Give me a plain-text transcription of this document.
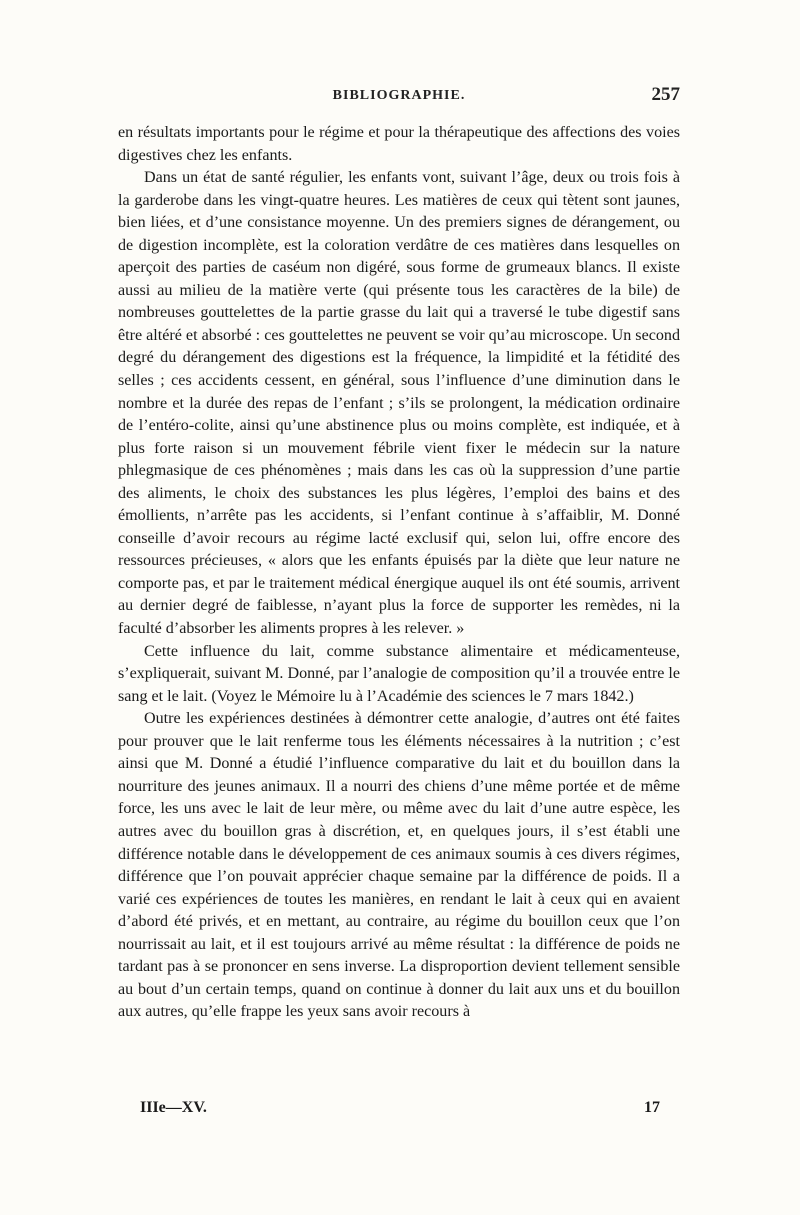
BIBLIOGRAPHIE.	257

en résultats importants pour le régime et pour la thérapeutique des affections des voies digestives chez les enfants.

Dans un état de santé régulier, les enfants vont, suivant l’âge, deux ou trois fois à la garderobe dans les vingt-quatre heures. Les matières de ceux qui tètent sont jaunes, bien liées, et d’une consistance moyenne. Un des premiers signes de dérangement, ou de digestion incomplète, est la coloration verdâtre de ces matières dans lesquelles on aperçoit des parties de caséum non digéré, sous forme de grumeaux blancs. Il existe aussi au milieu de la matière verte (qui présente tous les caractères de la bile) de nombreuses gouttelettes de la partie grasse du lait qui a traversé le tube digestif sans être altéré et absorbé : ces gouttelettes ne peuvent se voir qu’au microscope. Un second degré du dérangement des digestions est la fréquence, la limpidité et la fétidité des selles ; ces accidents cessent, en général, sous l’influence d’une diminution dans le nombre et la durée des repas de l’enfant ; s’ils se prolongent, la médication ordinaire de l’entéro-colite, ainsi qu’une abstinence plus ou moins complète, est indiquée, et à plus forte raison si un mouvement fébrile vient fixer le médecin sur la nature phlegmasique de ces phénomènes ; mais dans les cas où la suppression d’une partie des aliments, le choix des substances les plus légères, l’emploi des bains et des émollients, n’arrête pas les accidents, si l’enfant continue à s’affaiblir, M. Donné conseille d’avoir recours au régime lacté exclusif qui, selon lui, offre encore des ressources précieuses, « alors que les enfants épuisés par la diète que leur nature ne comporte pas, et par le traitement médical énergique auquel ils ont été soumis, arrivent au dernier degré de faiblesse, n’ayant plus la force de supporter les remèdes, ni la faculté d’absorber les aliments propres à les relever. »

Cette influence du lait, comme substance alimentaire et médicamenteuse, s’expliquerait, suivant M. Donné, par l’analogie de composition qu’il a trouvée entre le sang et le lait. (Voyez le Mémoire lu à l’Académie des sciences le 7 mars 1842.)

Outre les expériences destinées à démontrer cette analogie, d’autres ont été faites pour prouver que le lait renferme tous les éléments nécessaires à la nutrition ; c’est ainsi que M. Donné a étudié l’influence comparative du lait et du bouillon dans la nourriture des jeunes animaux. Il a nourri des chiens d’une même portée et de même force, les uns avec le lait de leur mère, ou même avec du lait d’une autre espèce, les autres avec du bouillon gras à discrétion, et, en quelques jours, il s’est établi une différence notable dans le développement de ces animaux soumis à ces divers régimes, différence que l’on pouvait apprécier chaque semaine par la différence de poids. Il a varié ces expériences de toutes les manières, en rendant le lait à ceux qui en avaient d’abord été privés, et en mettant, au contraire, au régime du bouillon ceux que l’on nourrissait au lait, et il est toujours arrivé au même résultat : la différence de poids ne tardant pas à se prononcer en sens inverse. La disproportion devient tellement sensible au bout d’un certain temps, quand on continue à donner du lait aux uns et du bouillon aux autres, qu’elle frappe les yeux sans avoir recours à

IIIe—XV.	17
